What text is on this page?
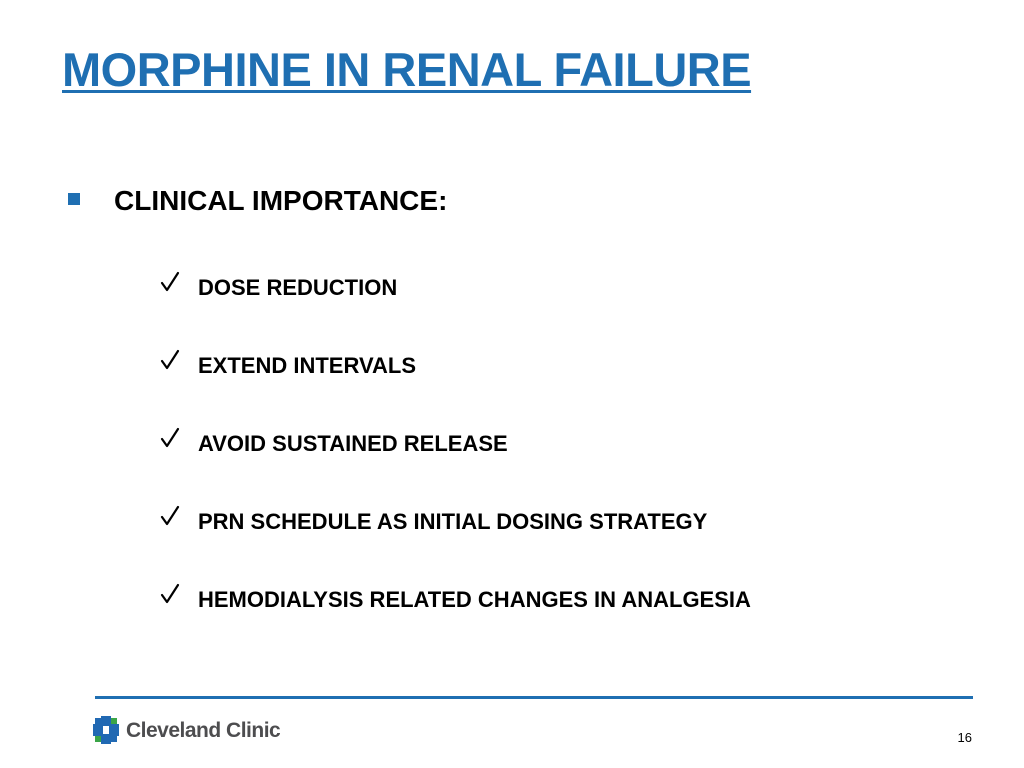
MORPHINE IN RENAL FAILURE
CLINICAL IMPORTANCE:
DOSE REDUCTION
EXTEND INTERVALS
AVOID SUSTAINED RELEASE
PRN SCHEDULE AS INITIAL DOSING STRATEGY
HEMODIALYSIS RELATED CHANGES IN ANALGESIA
Cleveland Clinic	16
